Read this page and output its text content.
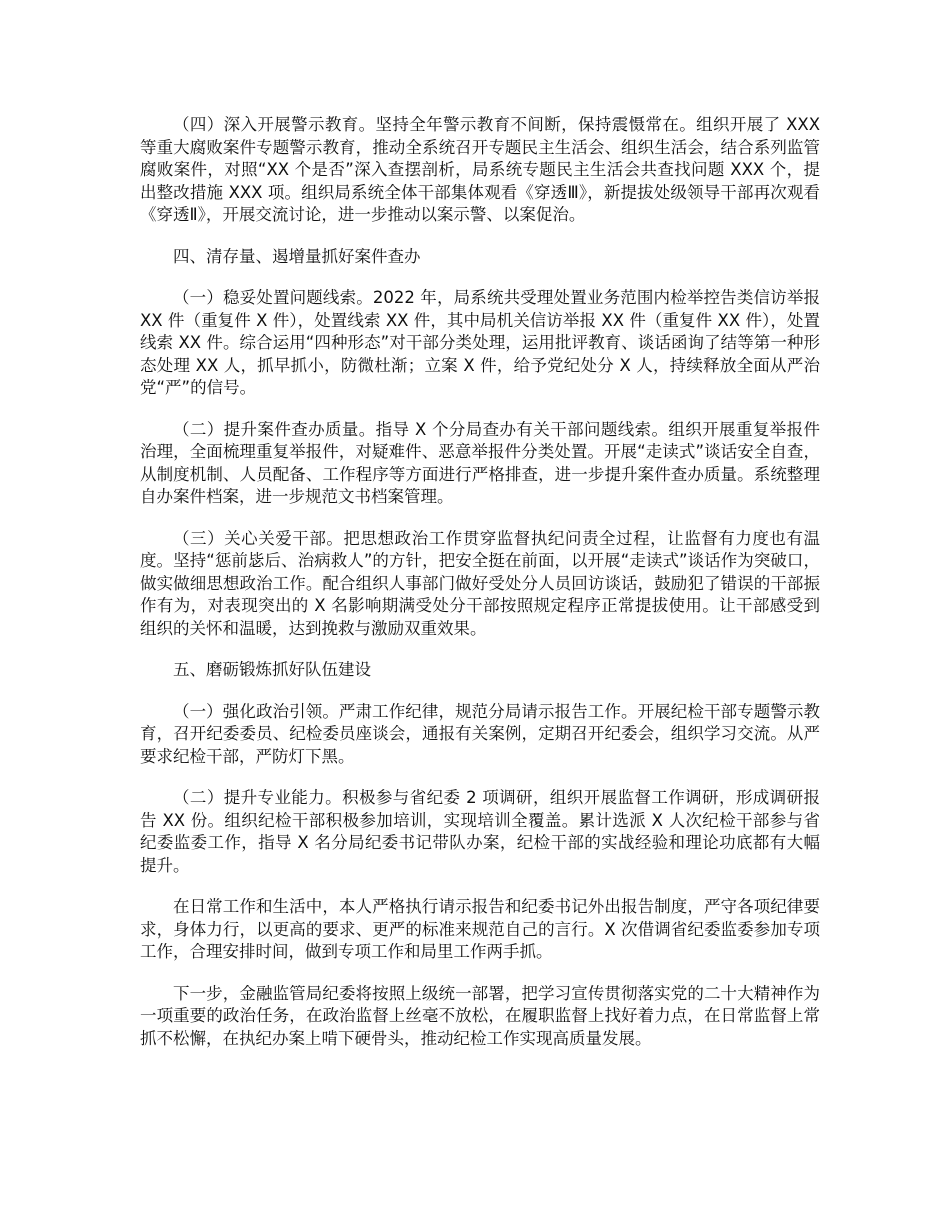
（四）深入开展警示教育。坚持全年警示教育不间断，保持震慑常在。组织开展了 XXX 等重大腐败案件专题警示教育，推动全系统召开专题民主生活会、组织生活会，结合系列监管腐败案件，对照“XX 个是否”深入查摆剖析，局系统专题民主生活会共查找问题 XXX 个，提出整改措施 XXX 项。组织局系统全体干部集体观看《穿透Ⅲ》，新提拔处级领导干部再次观看《穿透Ⅱ》，开展交流讨论，进一步推动以案示警、以案促治。

四、清存量、遏增量抓好案件查办

（一）稳妥处置问题线索。2022 年，局系统共受理处置业务范围内检举控告类信访举报 XX 件（重复件 X 件），处置线索 XX 件，其中局机关信访举报 XX 件（重复件 XX 件），处置线索 XX 件。综合运用“四种形态”对干部分类处理，运用批评教育、谈话函询了结等第一种形态处理 XX 人，抓早抓小，防微杜渐；立案 X 件，给予党纪处分 X 人，持续释放全面从严治党“严”的信号。

（二）提升案件查办质量。指导 X 个分局查办有关干部问题线索。组织开展重复举报件治理，全面梳理重复举报件，对疑难件、恶意举报件分类处置。开展“走读式”谈话安全自查，从制度机制、人员配备、工作程序等方面进行严格排查，进一步提升案件查办质量。系统整理自办案件档案，进一步规范文书档案管理。

（三）关心关爱干部。把思想政治工作贯穿监督执纪问责全过程，让监督有力度也有温度。坚持“惩前毖后、治病救人”的方针，把安全挺在前面，以开展“走读式”谈话作为突破口，做实做细思想政治工作。配合组织人事部门做好受处分人员回访谈话，鼓励犯了错误的干部振作有为，对表现突出的 X 名影响期满受处分干部按照规定程序正常提拔使用。让干部感受到组织的关怀和温暖，达到挽救与激励双重效果。

五、磨砺锻炼抓好队伍建设

（一）强化政治引领。严肃工作纪律，规范分局请示报告工作。开展纪检干部专题警示教育，召开纪委委员、纪检委员座谈会，通报有关案例，定期召开纪委会，组织学习交流。从严要求纪检干部，严防灯下黑。

（二）提升专业能力。积极参与省纪委 2 项调研，组织开展监督工作调研，形成调研报告 XX 份。组织纪检干部积极参加培训，实现培训全覆盖。累计选派 X 人次纪检干部参与省纪委监委工作，指导 X 名分局纪委书记带队办案，纪检干部的实战经验和理论功底都有大幅提升。

在日常工作和生活中，本人严格执行请示报告和纪委书记外出报告制度，严守各项纪律要求，身体力行，以更高的要求、更严的标准来规范自己的言行。X 次借调省纪委监委参加专项工作，合理安排时间，做到专项工作和局里工作两手抓。

下一步，金融监管局纪委将按照上级统一部署，把学习宣传贯彻落实党的二十大精神作为一项重要的政治任务，在政治监督上丝毫不放松，在履职监督上找好着力点，在日常监督上常抓不松懈，在执纪办案上啃下硬骨头，推动纪检工作实现高质量发展。
